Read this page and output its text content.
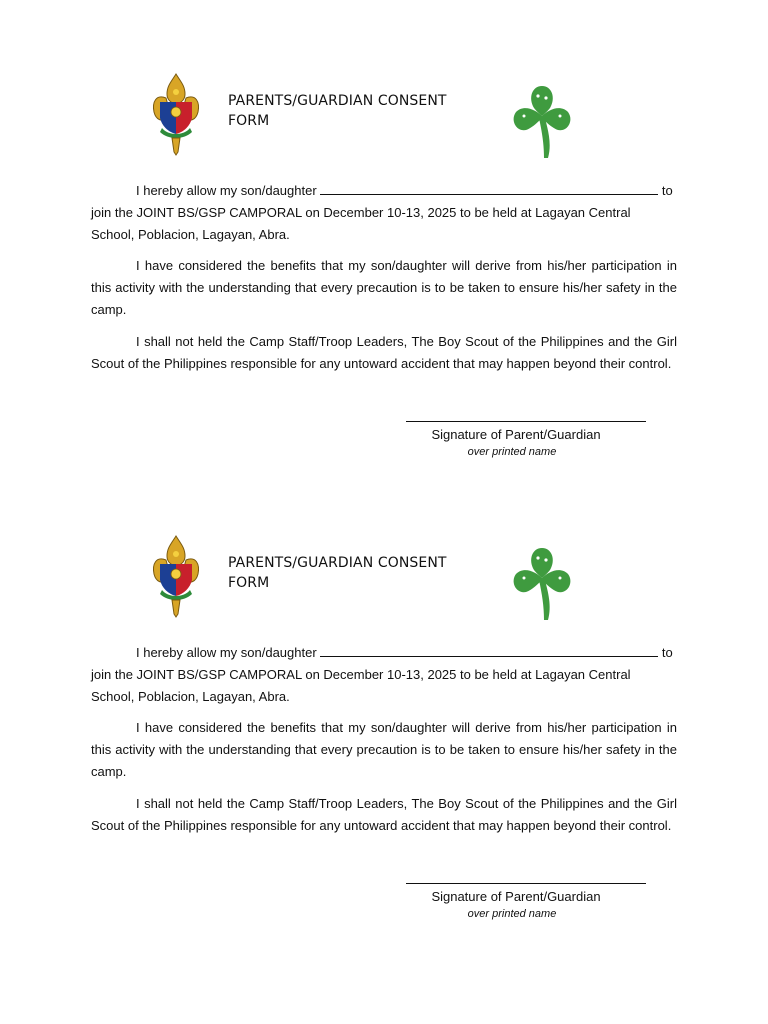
PARENTS/GUARDIAN CONSENT FORM

I hereby allow my son/daughter	to join the JOINT BS/GSP CAMPORAL on December 10-13, 2025 to be held at Lagayan Central School, Poblacion, Lagayan, Abra.

I have considered the benefits that my son/daughter will derive from his/her participation in this activity with the understanding that every precaution is to be taken to ensure his/her safety in the camp.

I shall not held the Camp Staff/Troop Leaders, The Boy Scout of the Philippines and the Girl Scout of the Philippines responsible for any untoward accident that may happen beyond their control.

Signature of Parent/Guardian
over printed name
PARENTS/GUARDIAN CONSENT FORM

I hereby allow my son/daughter	to join the JOINT BS/GSP CAMPORAL on December 10-13, 2025 to be held at Lagayan Central School, Poblacion, Lagayan, Abra.

I have considered the benefits that my son/daughter will derive from his/her participation in this activity with the understanding that every precaution is to be taken to ensure his/her safety in the camp.

I shall not held the Camp Staff/Troop Leaders, The Boy Scout of the Philippines and the Girl Scout of the Philippines responsible for any untoward accident that may happen beyond their control.

Signature of Parent/Guardian
over printed name
